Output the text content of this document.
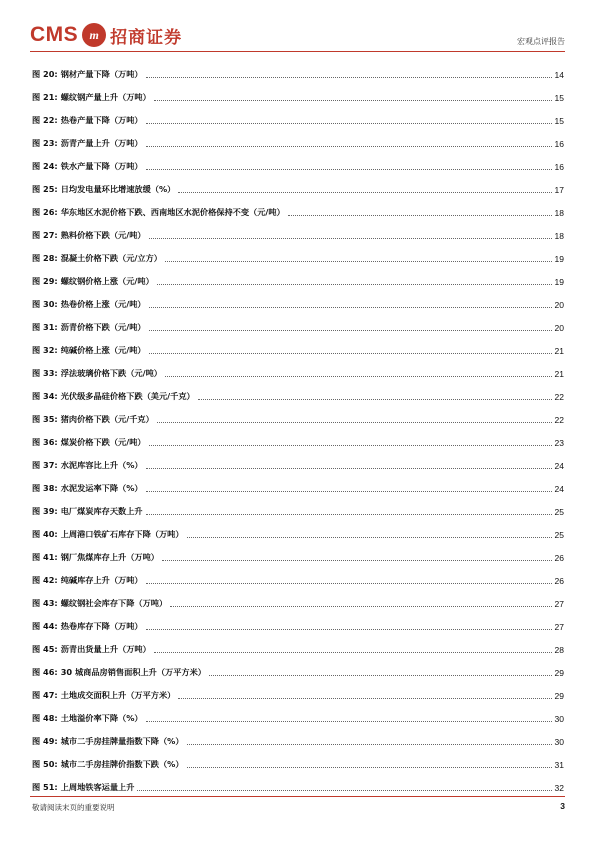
CMS m 招商证券	宏观点评报告
图 20: 钢材产量下降（万吨）	14
图 21: 螺纹钢产量上升（万吨）	15
图 22: 热卷产量下降（万吨）	15
图 23: 沥青产量上升（万吨）	16
图 24: 铁水产量下降（万吨）	16
图 25: 日均发电量环比增速放缓（%）	17
图 26: 华东地区水泥价格下跌、西南地区水泥价格保持不变（元/吨）	18
图 27: 熟料价格下跌（元/吨）	18
图 28: 混凝土价格下跌（元/立方）	19
图 29: 螺纹钢价格上涨（元/吨）	19
图 30: 热卷价格上涨（元/吨）	20
图 31: 沥青价格下跌（元/吨）	20
图 32: 纯碱价格上涨（元/吨）	21
图 33: 浮法玻璃价格下跌（元/吨）	21
图 34: 光伏级多晶硅价格下跌（美元/千克）	22
图 35: 猪肉价格下跌（元/千克）	22
图 36: 煤炭价格下跌（元/吨）	23
图 37: 水泥库容比上升（%）	24
图 38: 水泥发运率下降（%）	24
图 39: 电厂煤炭库存天数上升	25
图 40: 上周港口铁矿石库存下降（万吨）	25
图 41: 钢厂焦煤库存上升（万吨）	26
图 42: 纯碱库存上升（万吨）	26
图 43: 螺纹钢社会库存下降（万吨）	27
图 44: 热卷库存下降（万吨）	27
图 45: 沥青出货量上升（万吨）	28
图 46: 30 城商品房销售面积上升（万平方米）	29
图 47: 土地成交面积上升（万平方米）	29
图 48: 土地溢价率下降（%）	30
图 49: 城市二手房挂牌量指数下降（%）	30
图 50: 城市二手房挂牌价指数下跌（%）	31
图 51: 上周地铁客运量上升	32
敬请阅读末页的重要说明	3
